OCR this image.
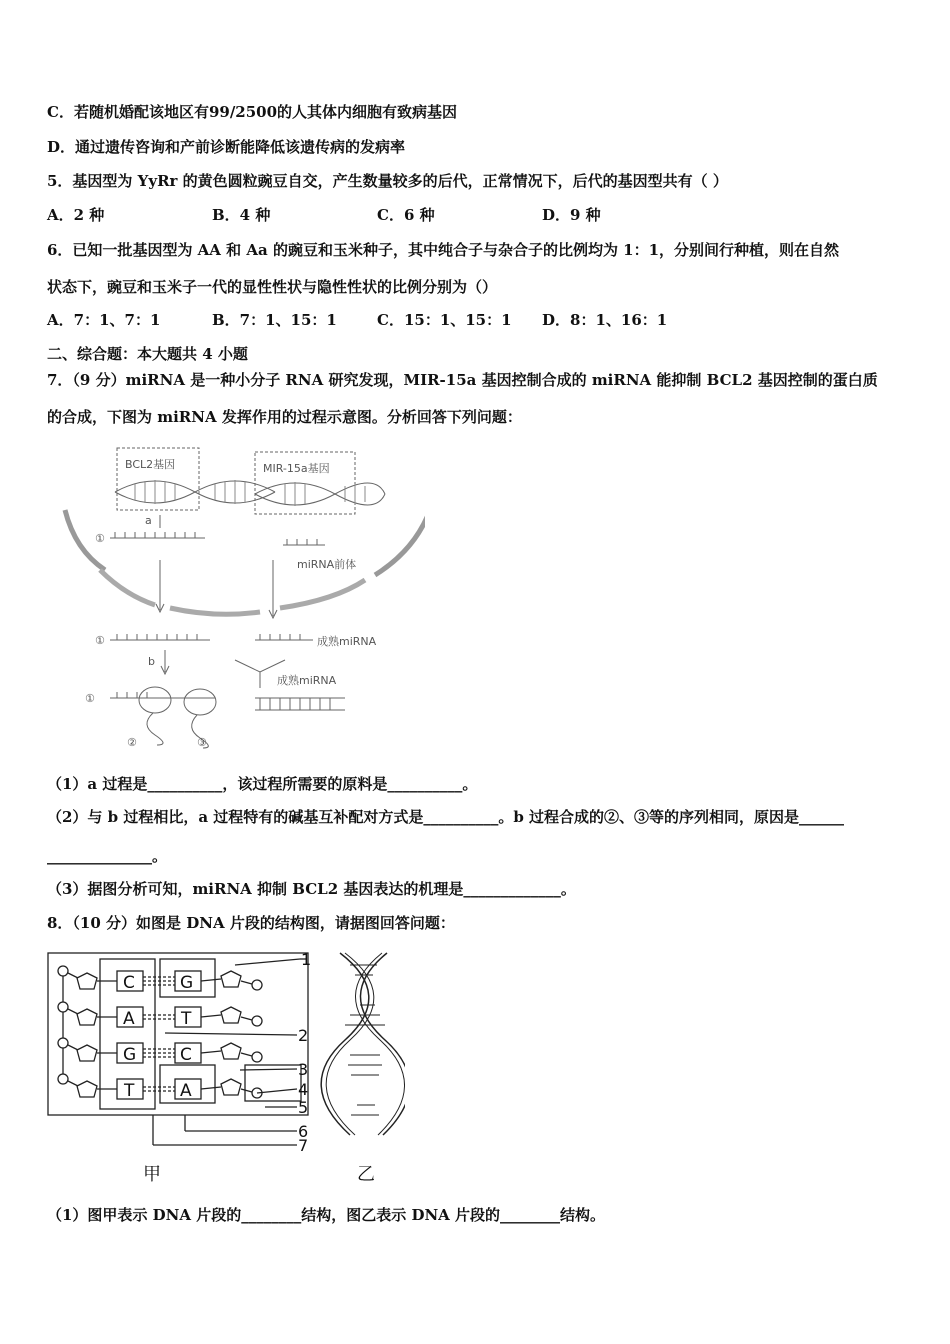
C．若随机婚配该地区有99/2500的人其体内细胞有致病基因
D．通过遗传咨询和产前诊断能降低该遗传病的发病率
5．基因型为 YyRr 的黄色圆粒豌豆自交，产生数量较多的后代，正常情况下，后代的基因型共有（ ）
A．2 种	B．4 种	C．6 种	D．9 种
6．已知一批基因型为 AA 和 Aa 的豌豆和玉米种子，其中纯合子与杂合子的比例均为 1：1，分别间行种植，则在自然
状态下，豌豆和玉米子一代的显性性状与隐性性状的比例分别为（）
A．7：1、7：1	B．7：1、15：1	C．15：1、15：1	D．8：1、16：1
二、综合题：本大题共 4 小题
7．（9 分）miRNA 是一种小分子 RNA 研究发现，MIR-15a 基因控制合成的 miRNA 能抑制 BCL2 基因控制的蛋白质
的合成，下图为 miRNA 发挥作用的过程示意图。分析回答下列问题：
BCL2基因	MIR-15a基因
a
b
①
①
①
②	③
miRNA前体
成熟miRNA
成熟miRNA
（1）a 过程是__________，该过程所需要的原料是__________。
（2）与 b 过程相比，a 过程特有的碱基互补配对方式是__________。b 过程合成的②、③等的序列相同，原因是______
______________。
（3）据图分析可知，miRNA 抑制 BCL2 基因表达的机理是_____________。
8．（10 分）如图是 DNA 片段的结构图，请据图回答问题：
C
A
G
T
G
T
C
A
1
2
3
4
5
6
7
甲	乙
（1）图甲表示 DNA 片段的________结构，图乙表示 DNA 片段的________结构。
